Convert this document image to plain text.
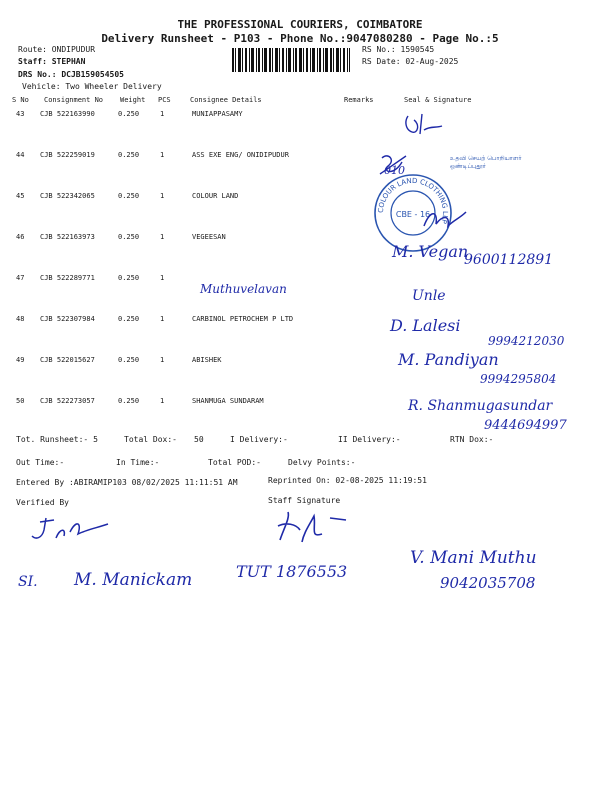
THE PROFESSIONAL COURIERS, COIMBATORE
Delivery Runsheet - P103 - Phone No.:9047080280 - Page No.:5
Route: ONDIPUDUR
Staff: STEPHAN
DRS No.: DCJB159054505
Vehicle: Two Wheeler Delivery
RS No.: 1590545
RS Date: 02-Aug-2025
S No Consignment No Weight PCS	Consignee Details	Remarks	Seal & Signature
43 CJB 522163990	0.250	1	MUNIAPPASAMY
44 CJB 522259019	0.250	1	ASS EXE ENG/ ONIDIPUDUR
45 CJB 522342065	0.250	1	COLOUR LAND
46 CJB 522163973	0.250	1	VEGEESAN
47 CJB 522289771	0.250	1
48 CJB 522307984	0.250	1	CARBINOL PETROCHEM P LTD
49 CJB 522015627	0.250	1	ABISHEK
50 CJB 522273057	0.250	1	SHANMUGA SUNDARAM
010
உதவி செயற் பொறியாளர் ஒண்டிப்புதூர்
COLOUR LAND CLOTHING LLP
CBE - 16
M. Vegan
9600112891
Muthuvelavan	Unle
D. Lalesi
9994212030
M. Pandiyan
9994295804
R. Shanmugasundar
9444694997
Tot. Runsheet:- 5	Total Dox:- 50	I Delivery:-	II Delivery:-	RTN Dox:-
Out Time:-	In Time:-	Total POD:-	Delvy Points:-
Entered By :ABIRAMIP103 08/02/2025 11:11:51 AM	Reprinted On: 02-08-2025 11:19:51
Verified By	Staff Signature
SI. M. Manickam	TUT 1876553
V. Mani Muthu
9042035708
